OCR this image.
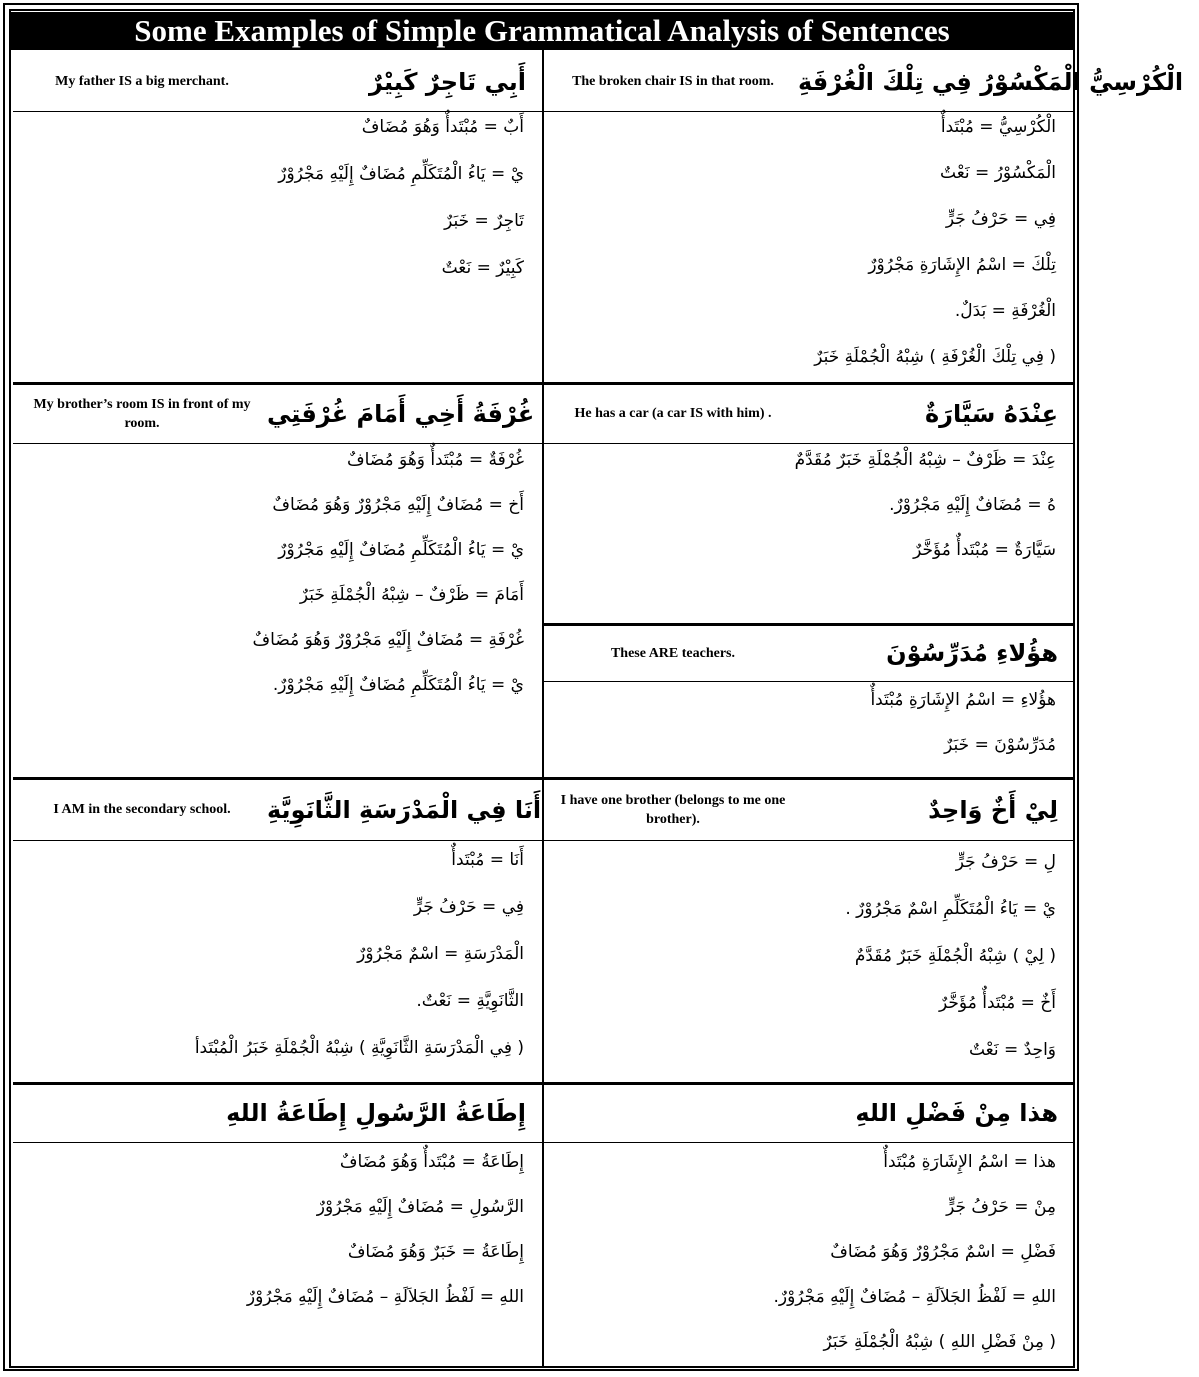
Some Examples of Simple Grammatical Analysis of Sentences
My father IS a big merchant.	أَبِي تَاجِرٌ كَبِيْرٌ
أَبٌ = مُبْتَدأٌ وَهُوَ مُضَافٌ
يْ = يَاءُ الْمُتَكَلِّمِ مُضَافٌ إِلَيْهِ مَجْرُوْرٌ
تَاجِرٌ = خَبَرٌ
كَبِيْرٌ = نَعْتٌ
My brother’s room IS in front of my room.	غُرْفَةُ أَخِي أَمَامَ غُرْفَتِي
غُرْفَةٌ = مُبْتَدأٌ وَهُوَ مُضَافٌ
أَخ = مُضَافٌ إِلَيْهِ مَجْرُوْرٌ وَهُوَ مُضَافٌ
يْ = يَاءُ الْمُتَكَلِّمِ مُضَافٌ إِلَيْهِ مَجْرُوْرٌ
أَمَامَ = ظَرْفٌ – شِبْهُ الْجُمْلَةِ خَبَرٌ
غُرْفَةِ = مُضَافٌ إِلَيْهِ مَجْرُوْرٌ وَهُوَ مُضَافٌ
يْ = يَاءُ الْمُتَكَلِّمِ مُضَافٌ إِلَيْهِ مَجْرُوْرٌ.
I AM in the secondary school.	أَنَا فِي الْمَدْرَسَةِ الثَّانَوِيَّةِ
أَنَا = مُبْتَدأٌ
فِي = حَرْفُ جَرٍّ
الْمَدْرَسَةِ = اسْمٌ مَجْرُوْرٌ
الثَّانَوِيَّةِ = نَعْتٌ.
( فِي الْمَدْرَسَةِ الثَّانَوِيَّةِ ) شِبْهُ الْجُمْلَةِ خَبَرُ الْمُبْتَدأ
إِطَاعَةُ الرَّسُولِ إِطَاعَةُ اللهِ
إِطَاعَةُ = مُبْتَدأٌ وَهُوَ مُضَافٌ
الرَّسُولِ = مُضَافٌ إِلَيْهِ مَجْرُوْرٌ
إِطَاعَةُ = خَبَرٌ وَهُوَ مُضَافٌ
اللهِ = لَفْظُ الجَلاَلَةِ – مُضَافٌ إِلَيْهِ مَجْرُوْرٌ
The broken chair IS in that room.	الْكُرْسِيُّ الْمَكْسُوْرُ فِي تِلْكَ الْغُرْفَةِ
الْكُرْسِيُّ = مُبْتَدأٌ
الْمَكْسُوْرُ = نَعْتٌ
فِي = حَرْفُ جَرٍّ
تِلْكَ = اسْمُ الإِشَارَةِ مَجْرُوْرٌ
الْغُرْفَةِ = بَدَلٌ.
( فِي تِلْكَ الْغُرْفَةِ ) شِبْهُ الْجُمْلَةِ خَبَرٌ
He has a car (a car IS with him) .	عِنْدَهُ سَيَّارَةٌ
عِنْدَ = ظَرْفٌ – شِبْهُ الْجُمْلَةِ خَبَرٌ مُقَدَّمٌ
هُ = مُضَافٌ إِلَيْهِ مَجْرُوْرٌ.
سَيَّارَةٌ = مُبْتَدأٌ مُؤَخَّرٌ
These ARE teachers.	هؤُلاءِ مُدَرِّسُوْنَ
هؤُلاءِ = اسْمُ الإِشَارَةِ مُبْتَدأٌ
مُدَرِّسُوْنَ = خَبَرٌ
I have one brother (belongs to me one brother).	لِيْ أَخٌ وَاحِدٌ
لِ = حَرْفُ جَرٍّ
يْ = يَاءُ الْمُتَكَلِّمِ اسْمٌ مَجْرُوْرٌ .
( لِيْ ) شِبْهُ الْجُمْلَةِ خَبَرٌ مُقَدَّمٌ
أَخٌ = مُبْتَدأٌ مُؤَخَّرٌ
وَاحِدٌ = نَعْتٌ
هذا مِنْ فَضْلِ اللهِ
هذا = اسْمُ الإِشَارَةِ مُبْتَدأٌ
مِنْ = حَرْفُ جَرٍّ
فَضْلِ = اسْمٌ مَجْرُوْرٌ وَهُوَ مُضَافٌ
اللهِ = لَفْظُ الجَلاَلَةِ – مُضَافٌ إِلَيْهِ مَجْرُوْرٌ.
( مِنْ فَضْلِ اللهِ ) شِبْهُ الْجُمْلَةِ خَبَرٌ
